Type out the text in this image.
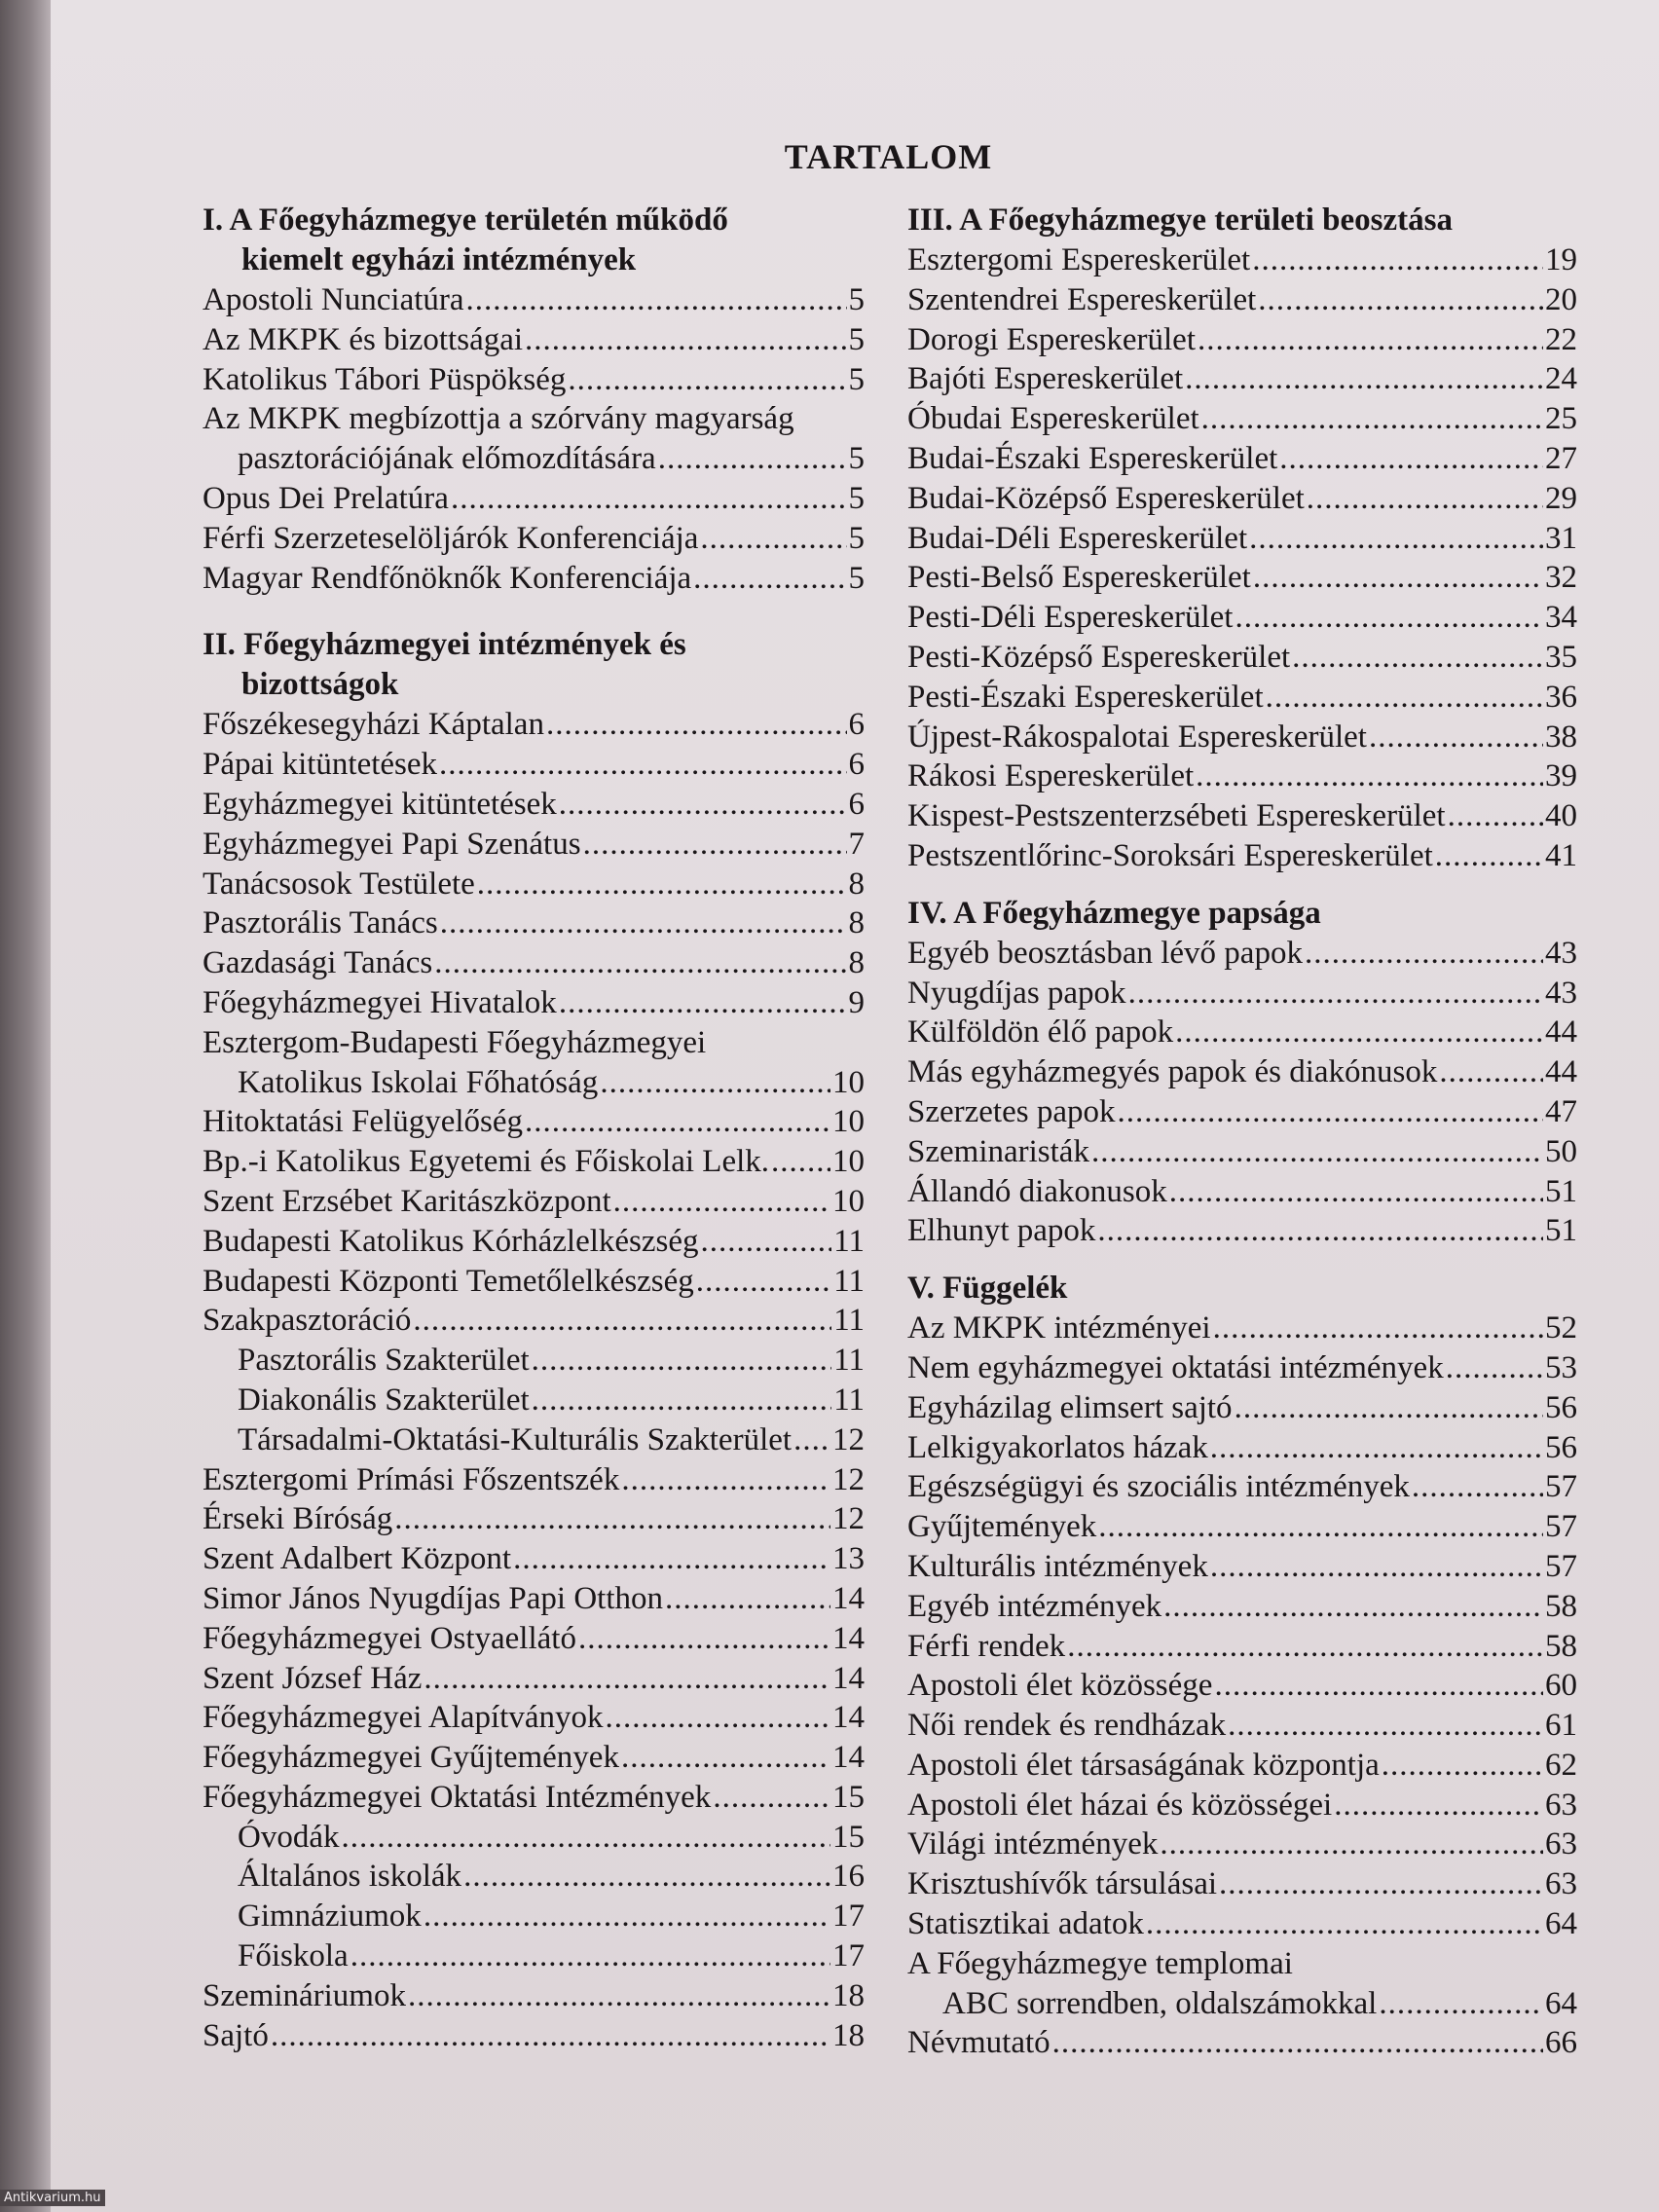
TARTALOM
I. A Főegyházmegye területén működő
kiemelt egyházi intézmények
Apostoli Nunciatúra .....	5
Az MKPK és bizottságai .....	5
Katolikus Tábori Püspökség .....	5
Az MKPK megbízottja a szórvány magyarság
pasztorációjának előmozdítására .....	5
Opus Dei Prelatúra .....	5
Férfi Szerzeteselöljárók Konferenciája .....	5
Magyar Rendfőnöknők Konferenciája .....	5
II. Főegyházmegyei intézmények és
bizottságok
Főszékesegyházi Káptalan .....	6
Pápai kitüntetések .....	6
Egyházmegyei kitüntetések .....	6
Egyházmegyei Papi Szenátus .....	7
Tanácsosok Testülete .....	8
Pasztorális Tanács .....	8
Gazdasági Tanács .....	8
Főegyházmegyei Hivatalok .....	9
Esztergom-Budapesti Főegyházmegyei
Katolikus Iskolai Főhatóság .....	10
Hitoktatási Felügyelőség .....	10
Bp.-i Katolikus Egyetemi és Főiskolai Lelk. ..... 10
Szent Erzsébet Karitászközpont .....	10
Budapesti Katolikus Kórházlelkészség .....	11
Budapesti Központi Temetőlelkészség .....	11
Szakpasztoráció .....	11
Pasztorális Szakterület .....	11
Diakonális Szakterület .....	11
Társadalmi-Oktatási-Kulturális Szakterület ..... 12
Esztergomi Prímási Főszentszék .....	12
Érseki Bíróság .....	12
Szent Adalbert Központ .....	13
Simor János Nyugdíjas Papi Otthon .....	14
Főegyházmegyei Ostyaellátó .....	14
Szent József Ház .....	14
Főegyházmegyei Alapítványok .....	14
Főegyházmegyei Gyűjtemények .....	14
Főegyházmegyei Oktatási Intézmények .....	15
Óvodák .....	15
Általános iskolák .....	16
Gimnáziumok .....	17
Főiskola .....	17
Szemináriumok .....	18
Sajtó .....	18
III. A Főegyházmegye területi beosztása
Esztergomi Espereskerület .....	19
Szentendrei Espereskerület .....	20
Dorogi Espereskerület .....	22
Bajóti Espereskerület .....	24
Óbudai Espereskerület .....	25
Budai-Északi Espereskerület .....	27
Budai-Középső Espereskerület .....	29
Budai-Déli Espereskerület .....	31
Pesti-Belső Espereskerület .....	32
Pesti-Déli Espereskerület .....	34
Pesti-Középső Espereskerület .....	35
Pesti-Északi Espereskerület .....	36
Újpest-Rákospalotai Espereskerület .....	38
Rákosi Espereskerület .....	39
Kispest-Pestszenterzsébeti Espereskerület .....	40
Pestszentlőrinc-Soroksári Espereskerület .....	41
IV. A Főegyházmegye papsága
Egyéb beosztásban lévő papok .....	43
Nyugdíjas papok .....	43
Külföldön élő papok .....	44
Más egyházmegyés papok és diakónusok .....	44
Szerzetes papok .....	47
Szeminaristák .....	50
Állandó diakonusok .....	51
Elhunyt papok .....	51
V. Függelék
Az MKPK intézményei .....	52
Nem egyházmegyei oktatási intézmények .....	53
Egyházilag elimsert sajtó .....	56
Lelkigyakorlatos házak .....	56
Egészségügyi és szociális intézmények .....	57
Gyűjtemények .....	57
Kulturális intézmények .....	57
Egyéb intézmények .....	58
Férfi rendek .....	58
Apostoli élet közössége .....	60
Női rendek és rendházak .....	61
Apostoli élet társaságának központja .....	62
Apostoli élet házai és közösségei .....	63
Világi intézmények .....	63
Krisztushívők társulásai .....	63
Statisztikai adatok .....	64
A Főegyházmegye templomai
ABC sorrendben, oldalszámokkal .....	64
Névmutató .....	66
Antikvarium.hu
